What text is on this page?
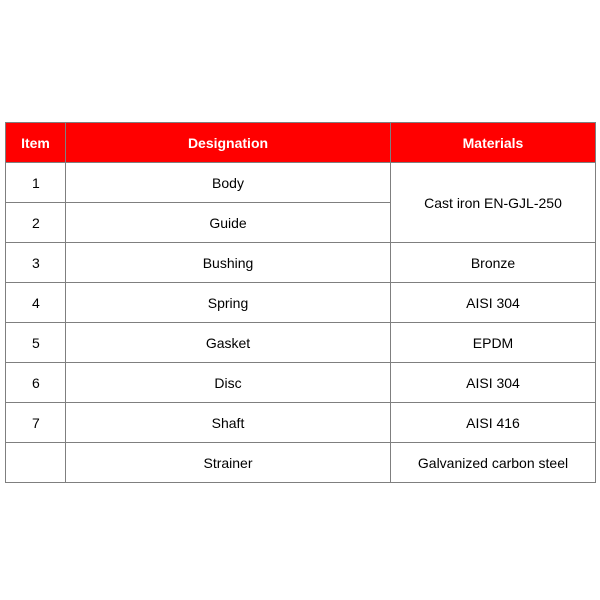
Item	Designation	Materials
1	Body	Cast iron EN-GJL-250
2	Guide	
3	Bushing	Bronze
4	Spring	AISI 304
5	Gasket	EPDM
6	Disc	AISI 304
7	Shaft	AISI 416
	Strainer	Galvanized carbon steel
